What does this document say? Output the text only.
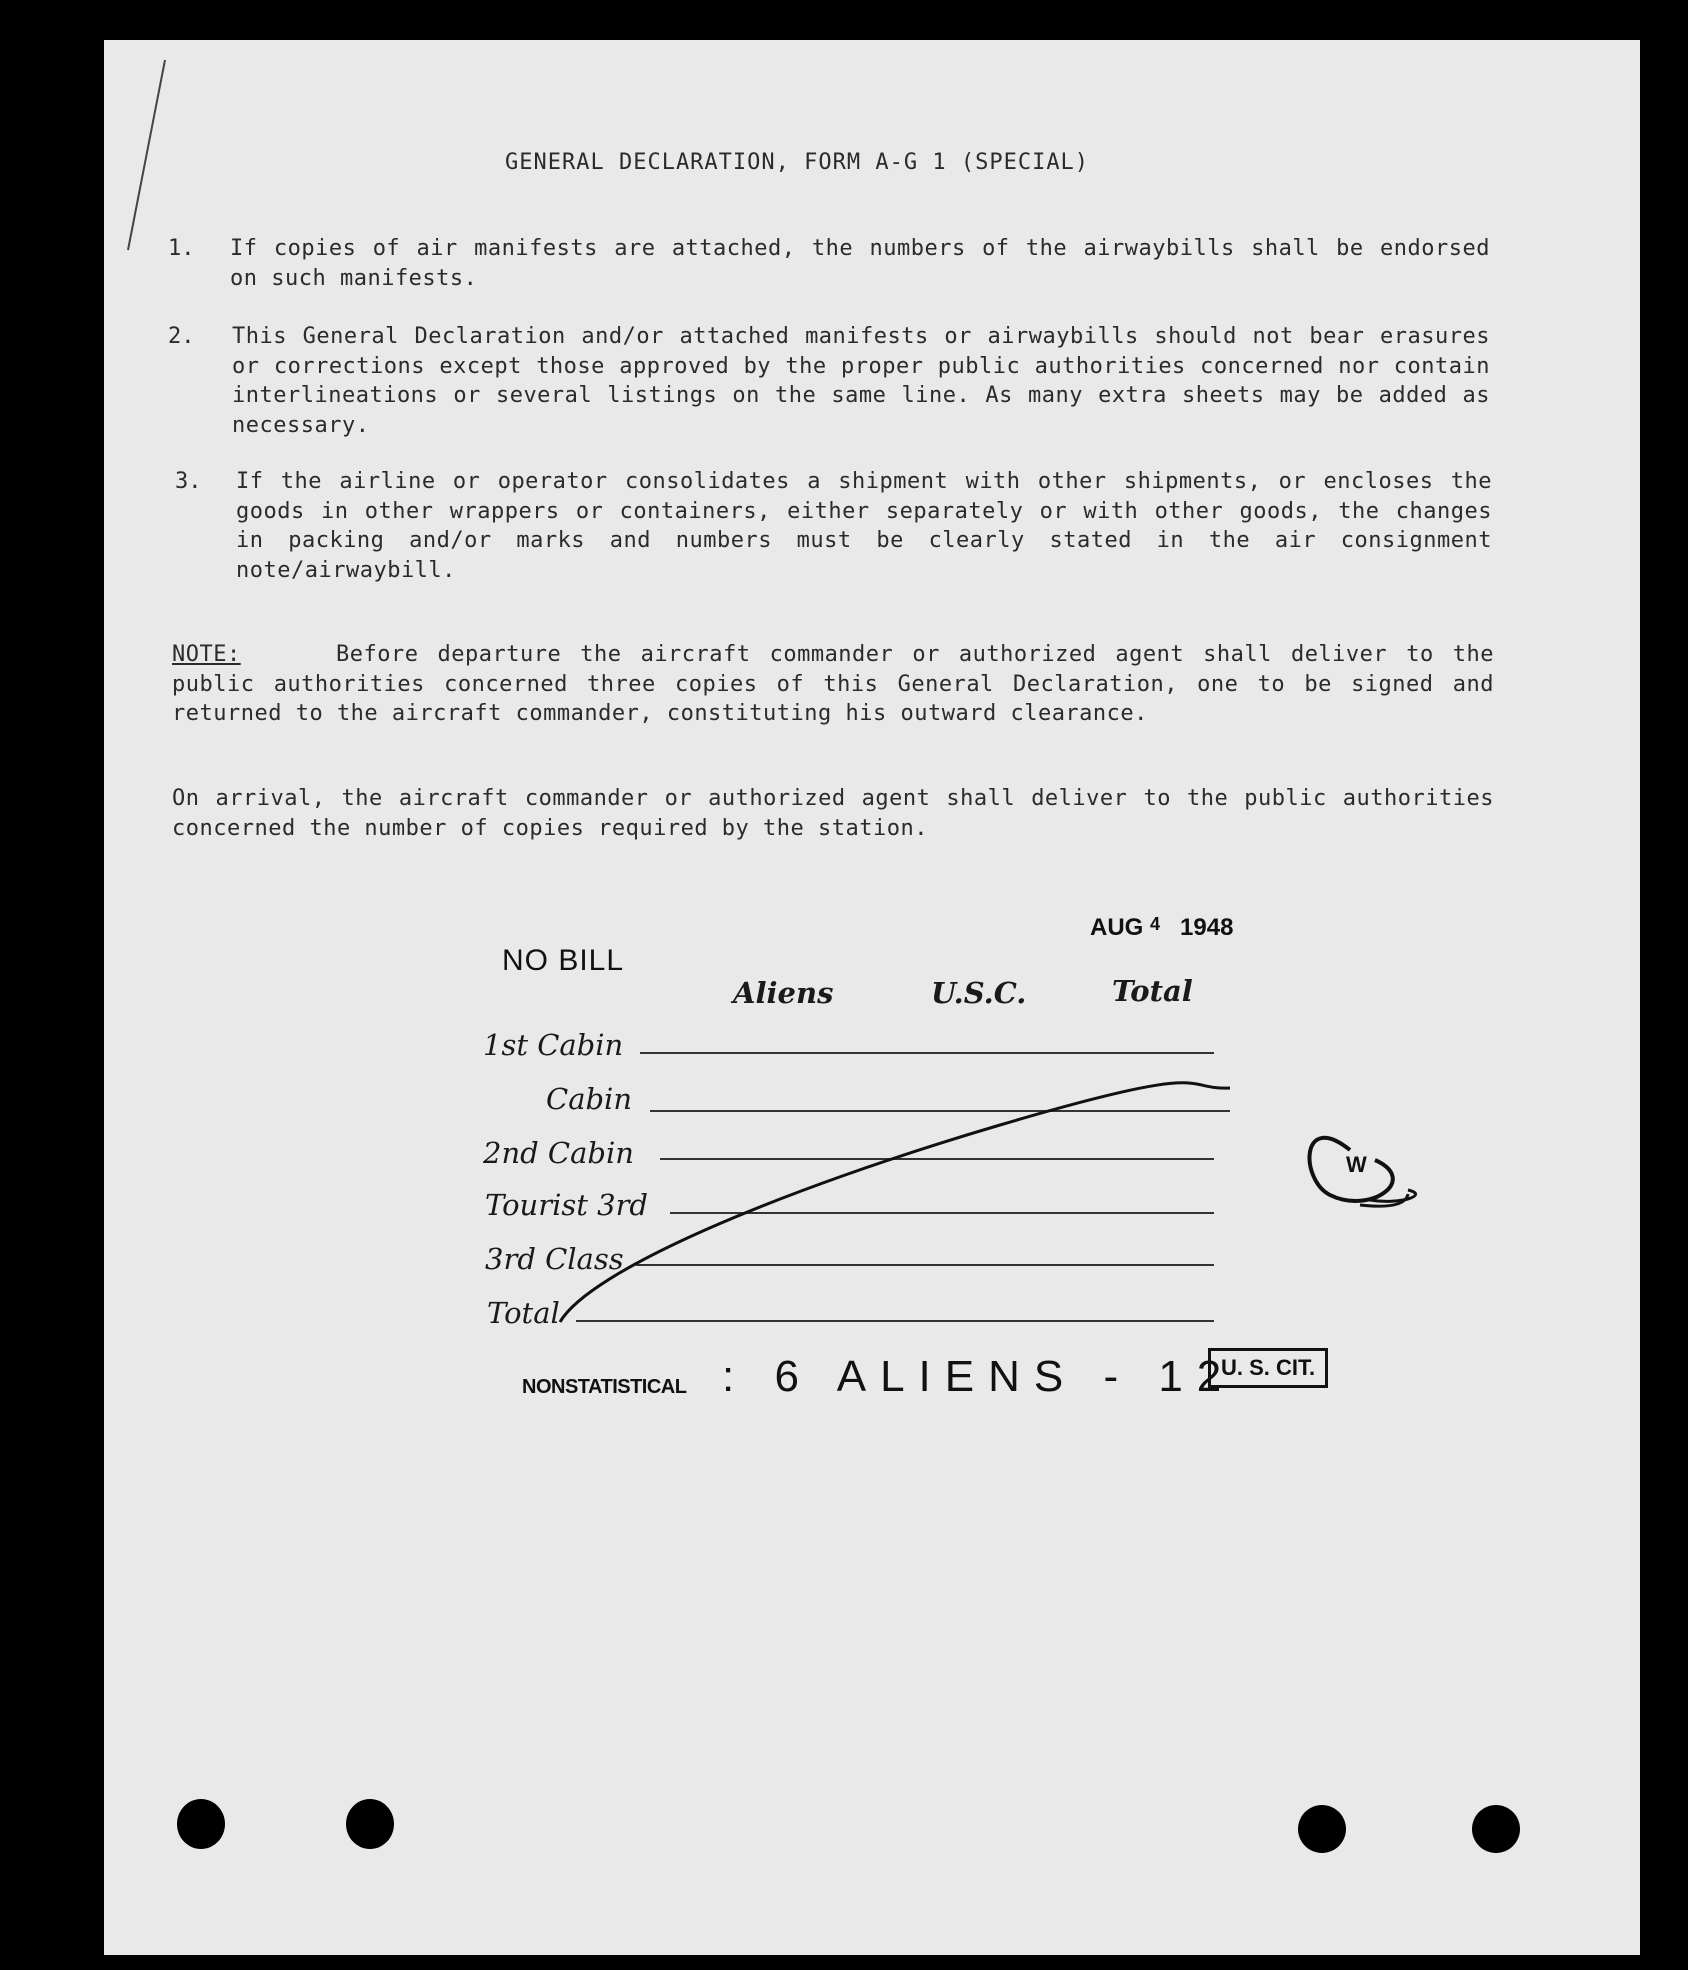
GENERAL DECLARATION, FORM A-G 1 (SPECIAL)
1. If copies of air manifests are attached, the numbers of the airwaybills shall be endorsed on such manifests.
2. This General Declaration and/or attached manifests or airwaybills should not bear erasures or corrections except those approved by the proper public authorities concerned nor contain interlineations or several listings on the same line. As many extra sheets may be added as necessary.
3. If the airline or operator consolidates a shipment with other shipments, or encloses the goods in other wrappers or containers, either separately or with other goods, the changes in packing and/or marks and numbers must be clearly stated in the air consignment note/airwaybill.
NOTE:	Before departure the aircraft commander or authorized agent shall deliver to the public authorities concerned three copies of this General Declaration, one to be signed and returned to the aircraft commander, constituting his outward clearance.
On arrival, the aircraft commander or authorized agent shall deliver to the public authorities concerned the number of copies required by the station.
NO BILL
AUG $^4$ 1948
Aliens	U.S.C.	Total
1st Cabin
Cabin
2nd Cabin
Tourist 3rd
3rd Class
Total
W
NONSTATISTICAL : 6 ALIENS - 12
U. S. CIT.
